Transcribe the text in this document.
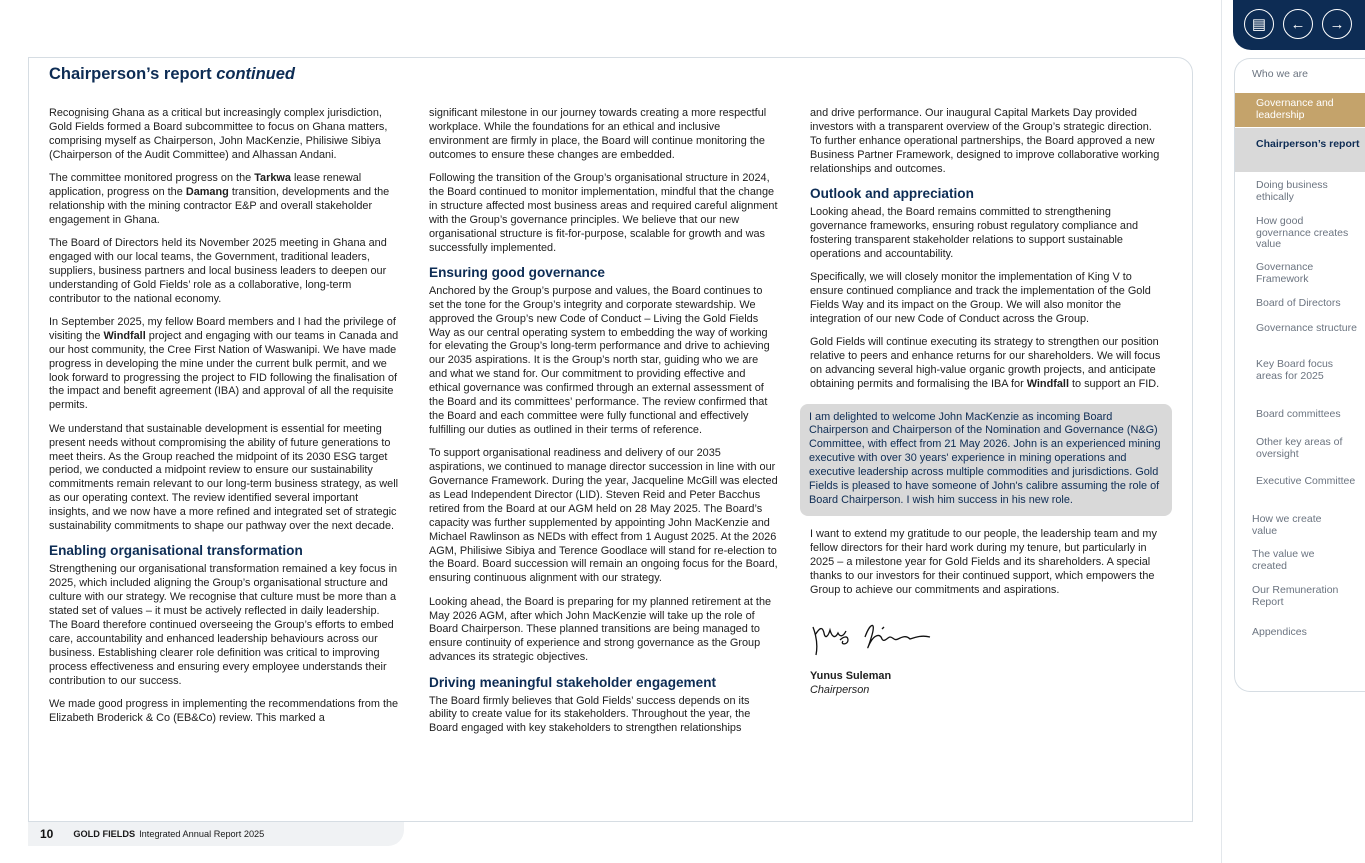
Chairperson’s report continued

Recognising Ghana as a critical but increasingly complex jurisdiction, Gold Fields formed a Board subcommittee to focus on Ghana matters, comprising myself as Chairperson, John MacKenzie, Philisiwe Sibiya (Chairperson of the Audit Committee) and Alhassan Andani.

The committee monitored progress on the Tarkwa lease renewal application, progress on the Damang transition, developments and the relationship with the mining contractor E&P and overall stakeholder engagement in Ghana.

The Board of Directors held its November 2025 meeting in Ghana and engaged with our local teams, the Government, traditional leaders, suppliers, business partners and local business leaders to deepen our understanding of Gold Fields’ role as a collaborative, long-term contributor to the national economy.

In September 2025, my fellow Board members and I had the privilege of visiting the Windfall project and engaging with our teams in Canada and our host community, the Cree First Nation of Waswanipi. We have made progress in developing the mine under the current bulk permit, and we look forward to progressing the project to FID following the finalisation of the impact and benefit agreement (IBA) and approval of all the requisite permits.

We understand that sustainable development is essential for meeting present needs without compromising the ability of future generations to meet theirs. As the Group reached the midpoint of its 2030 ESG target period, we conducted a midpoint review to ensure our sustainability commitments remain relevant to our long-term business strategy, as well as our operating context. The review identified several important insights, and we now have a more refined and integrated set of strategic sustainability commitments to shape our pathway over the next decade.

Enabling organisational transformation

Strengthening our organisational transformation remained a key focus in 2025, which included aligning the Group’s organisational structure and culture with our strategy. We recognise that culture must be more than a stated set of values – it must be actively reflected in daily leadership. The Board therefore continued overseeing the Group’s efforts to embed care, accountability and enhanced leadership behaviours across our business. Establishing clearer role definition was critical to improving process effectiveness and ensuring every employee understands their contribution to our success.

We made good progress in implementing the recommendations from the Elizabeth Broderick & Co (EB&Co) review. This marked a

significant milestone in our journey towards creating a more respectful workplace. While the foundations for an ethical and inclusive environment are firmly in place, the Board will continue monitoring the outcomes to ensure these changes are embedded.

Following the transition of the Group’s organisational structure in 2024, the Board continued to monitor implementation, mindful that the change in structure affected most business areas and required careful alignment with the Group’s governance principles. We believe that our new organisational structure is fit-for-purpose, scalable for growth and was successfully implemented.

Ensuring good governance

Anchored by the Group’s purpose and values, the Board continues to set the tone for the Group’s integrity and corporate stewardship. We approved the Group’s new Code of Conduct – Living the Gold Fields Way as our central operating system to embedding the way of working for elevating the Group’s long-term performance and drive to achieving our 2035 aspirations. It is the Group’s north star, guiding who we are and what we stand for. Our commitment to providing effective and ethical governance was confirmed through an external assessment of the Board and its committees’ performance. The review confirmed that the Board and each committee were fully functional and effectively fulfilling our duties as outlined in their terms of reference.

To support organisational readiness and delivery of our 2035 aspirations, we continued to manage director succession in line with our Governance Framework. During the year, Jacqueline McGill was elected as Lead Independent Director (LID). Steven Reid and Peter Bacchus retired from the Board at our AGM held on 28 May 2025. The Board’s capacity was further supplemented by appointing John MacKenzie and Michael Rawlinson as NEDs with effect from 1 August 2025. At the 2026 AGM, Philisiwe Sibiya and Terence Goodlace will stand for re-election to the Board. Board succession will remain an ongoing focus for the Board, ensuring continuous alignment with our strategy.

Looking ahead, the Board is preparing for my planned retirement at the May 2026 AGM, after which John MacKenzie will take up the role of Board Chairperson. These planned transitions are being managed to ensure continuity of experience and strong governance as the Group advances its strategic objectives.

Driving meaningful stakeholder engagement

The Board firmly believes that Gold Fields’ success depends on its ability to create value for its stakeholders. Throughout the year, the Board engaged with key stakeholders to strengthen relationships

and drive performance. Our inaugural Capital Markets Day provided investors with a transparent overview of the Group’s strategic direction. To further enhance operational partnerships, the Board approved a new Business Partner Framework, designed to improve collaborative working relationships and outcomes.

Outlook and appreciation

Looking ahead, the Board remains committed to strengthening governance frameworks, ensuring robust regulatory compliance and fostering transparent stakeholder relations to support sustainable operations and accountability.

Specifically, we will closely monitor the implementation of King V to ensure continued compliance and track the implementation of the Gold Fields Way and its impact on the Group. We will also monitor the integration of our new Code of Conduct across the Group.

Gold Fields will continue executing its strategy to strengthen our position relative to peers and enhance returns for our shareholders. We will focus on advancing several high-value organic growth projects, and anticipate obtaining permits and formalising the IBA for Windfall to support an FID.

I am delighted to welcome John MacKenzie as incoming Board Chairperson and Chairperson of the Nomination and Governance (N&G) Committee, with effect from 21 May 2026. John is an experienced mining executive with over 30 years' experience in mining operations and executive leadership across multiple commodities and jurisdictions. Gold Fields is pleased to have someone of John's calibre assuming the role of Board Chairperson. I wish him success in his new role.

I want to extend my gratitude to our people, the leadership team and my fellow directors for their hard work during my tenure, but particularly in 2025 – a milestone year for Gold Fields and its shareholders. A special thanks to our investors for their continued support, which empowers the Group to achieve our commitments and aspirations.

Yunus Suleman
Chairperson
10 GOLD FIELDS Integrated Annual Report 2025
▤ ← →
Who we are
Governance and leadership
Chairperson’s report
Doing business ethically
How good governance creates value
Governance Framework
Board of Directors
Governance structure
Key Board focus areas for 2025
Board committees
Other key areas of oversight
Executive Committee
How we create value
The value we created
Our Remuneration Report
Appendices
